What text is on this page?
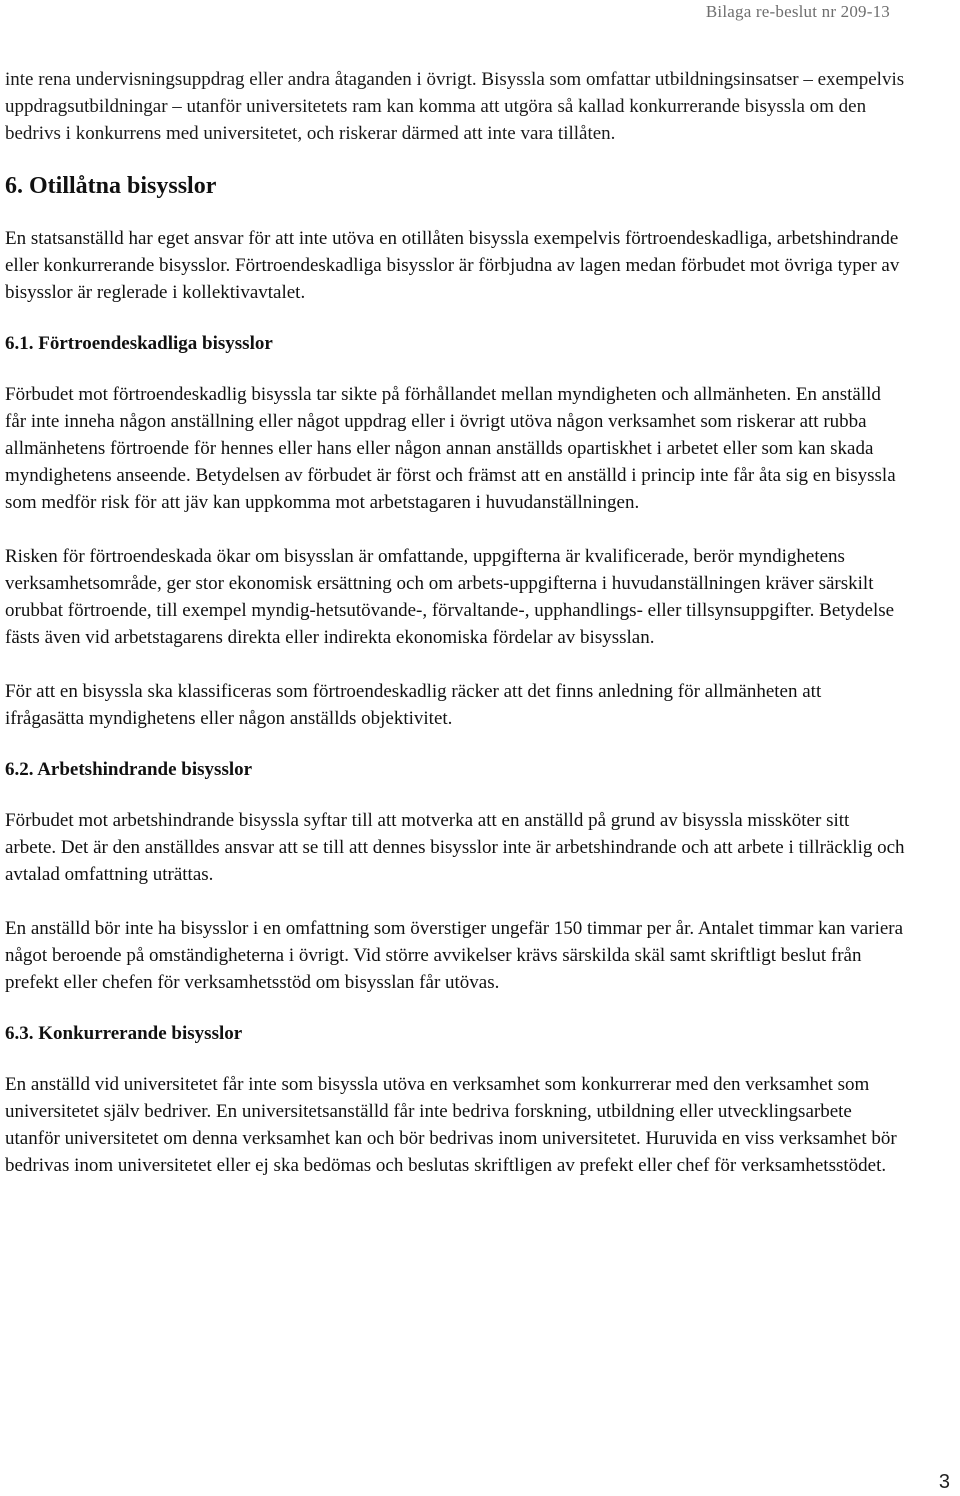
Bilaga re-beslut nr 209-13

inte rena undervisningsuppdrag eller andra åtaganden i övrigt. Bisyssla som omfattar utbildningsinsatser – exempelvis uppdragsutbildningar – utanför universitetets ram kan komma att utgöra så kallad konkurrerande bisyssla om den bedrivs i konkurrens med universitetet, och riskerar därmed att inte vara tillåten.

6. Otillåtna bisysslor

En statsanställd har eget ansvar för att inte utöva en otillåten bisyssla exempelvis förtroendeskadliga, arbetshindrande eller konkurrerande bisysslor. Förtroendeskadliga bisysslor är förbjudna av lagen medan förbudet mot övriga typer av bisysslor är reglerade i kollektivavtalet.

6.1. Förtroendeskadliga bisysslor

Förbudet mot förtroendeskadlig bisyssla tar sikte på förhållandet mellan myndigheten och allmänheten. En anställd får inte inneha någon anställning eller något uppdrag eller i övrigt utöva någon verksamhet som riskerar att rubba allmänhetens förtroende för hennes eller hans eller någon annan anställds opartiskhet i arbetet eller som kan skada myndighetens anseende. Betydelsen av förbudet är först och främst att en anställd i princip inte får åta sig en bisyssla som medför risk för att jäv kan uppkomma mot arbetstagaren i huvudanställningen.

Risken för förtroendeskada ökar om bisysslan är omfattande, uppgifterna är kvalificerade, berör myndighetens verksamhetsområde, ger stor ekonomisk ersättning och om arbets-uppgifterna i huvudanställningen kräver särskilt orubbat förtroende, till exempel myndig-hetsutövande-, förvaltande-, upphandlings- eller tillsynsuppgifter. Betydelse fästs även vid arbetstagarens direkta eller indirekta ekonomiska fördelar av bisysslan.

För att en bisyssla ska klassificeras som förtroendeskadlig räcker att det finns anledning för allmänheten att ifrågasätta myndighetens eller någon anställds objektivitet.

6.2. Arbetshindrande bisysslor

Förbudet mot arbetshindrande bisyssla syftar till att motverka att en anställd på grund av bisyssla missköter sitt arbete. Det är den anställdes ansvar att se till att dennes bisysslor inte är arbetshindrande och att arbete i tillräcklig och avtalad omfattning uträttas.

En anställd bör inte ha bisysslor i en omfattning som överstiger ungefär 150 timmar per år. Antalet timmar kan variera något beroende på omständigheterna i övrigt. Vid större avvikelser krävs särskilda skäl samt skriftligt beslut från prefekt eller chefen för verksamhetsstöd om bisysslan får utövas.

6.3. Konkurrerande bisysslor

En anställd vid universitetet får inte som bisyssla utöva en verksamhet som konkurrerar med den verksamhet som universitetet själv bedriver. En universitetsanställd får inte bedriva forskning, utbildning eller utvecklingsarbete utanför universitetet om denna verksamhet kan och bör bedrivas inom universitetet. Huruvida en viss verksamhet bör bedrivas inom universitetet eller ej ska bedömas och beslutas skriftligen av prefekt eller chef för verksamhetsstödet.

3
